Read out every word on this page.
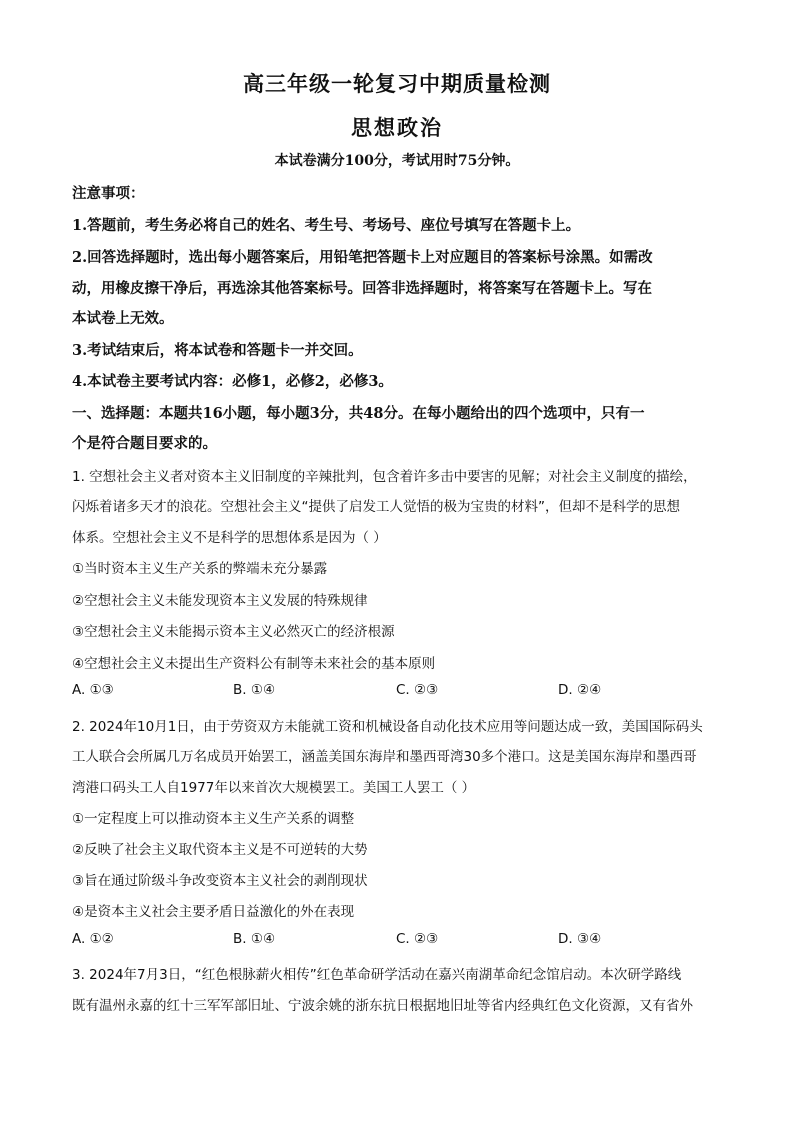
高三年级一轮复习中期质量检测
思想政治
本试卷满分100分，考试用时75分钟。
注意事项：
1.答题前，考生务必将自己的姓名、考生号、考场号、座位号填写在答题卡上。
2.回答选择题时，选出每小题答案后，用铅笔把答题卡上对应题目的答案标号涂黑。如需改
动，用橡皮擦干净后，再选涂其他答案标号。回答非选择题时，将答案写在答题卡上。写在
本试卷上无效。
3.考试结束后，将本试卷和答题卡一并交回。
4.本试卷主要考试内容：必修1，必修2，必修3。
一、选择题：本题共16小题，每小题3分，共48分。在每小题给出的四个选项中，只有一
个是符合题目要求的。
1. 空想社会主义者对资本主义旧制度的辛辣批判，包含着许多击中要害的见解；对社会主义制度的描绘，
闪烁着诸多天才的浪花。空想社会主义“提供了启发工人觉悟的极为宝贵的材料”，但却不是科学的思想
体系。空想社会主义不是科学的思想体系是因为（ ）
①当时资本主义生产关系的弊端未充分暴露
②空想社会主义未能发现资本主义发展的特殊规律
③空想社会主义未能揭示资本主义必然灭亡的经济根源
④空想社会主义未提出生产资料公有制等未来社会的基本原则
A. ①③	B. ①④	C. ②③	D. ②④
2. 2024年10月1日，由于劳资双方未能就工资和机械设备自动化技术应用等问题达成一致，美国国际码头
工人联合会所属几万名成员开始罢工，涵盖美国东海岸和墨西哥湾30多个港口。这是美国东海岸和墨西哥
湾港口码头工人自1977年以来首次大规模罢工。美国工人罢工（ ）
①一定程度上可以推动资本主义生产关系的调整
②反映了社会主义取代资本主义是不可逆转的大势
③旨在通过阶级斗争改变资本主义社会的剥削现状
④是资本主义社会主要矛盾日益激化的外在表现
A. ①②	B. ①④	C. ②③	D. ③④
3. 2024年7月3日，“红色根脉薪火相传”红色革命研学活动在嘉兴南湖革命纪念馆启动。本次研学路线
既有温州永嘉的红十三军军部旧址、宁波余姚的浙东抗日根据地旧址等省内经典红色文化资源，又有省外
